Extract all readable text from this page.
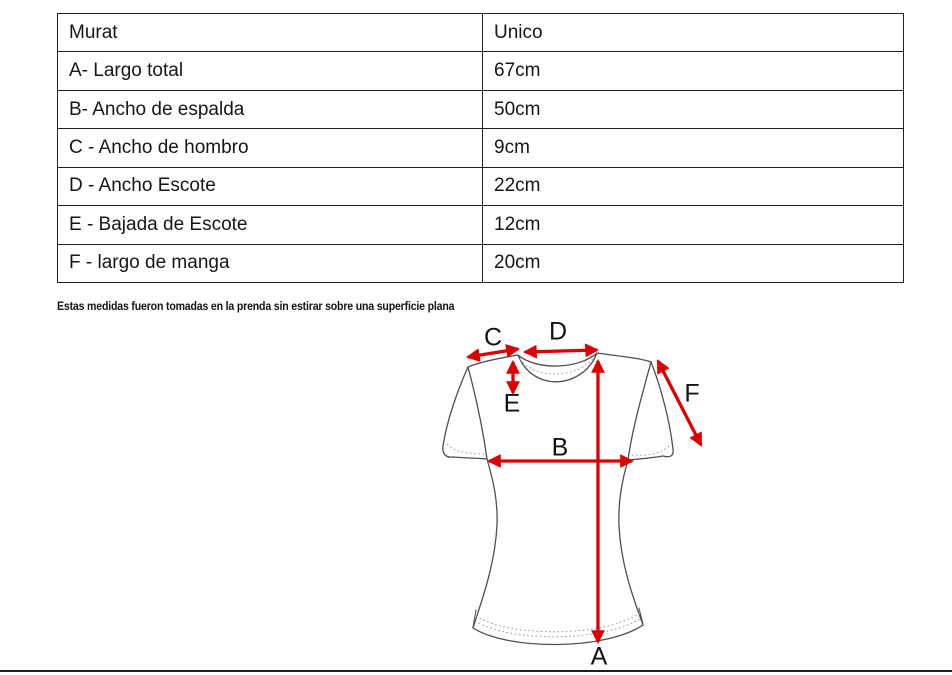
Murat	Unico
A- Largo total	67cm
B- Ancho de espalda	50cm
C - Ancho de hombro	9cm
D - Ancho Escote	22cm
E - Bajada de Escote	12cm
F - largo de manga	20cm
Estas medidas fueron tomadas en la prenda sin estirar sobre una superficie plana
C D
E	F
B
A
